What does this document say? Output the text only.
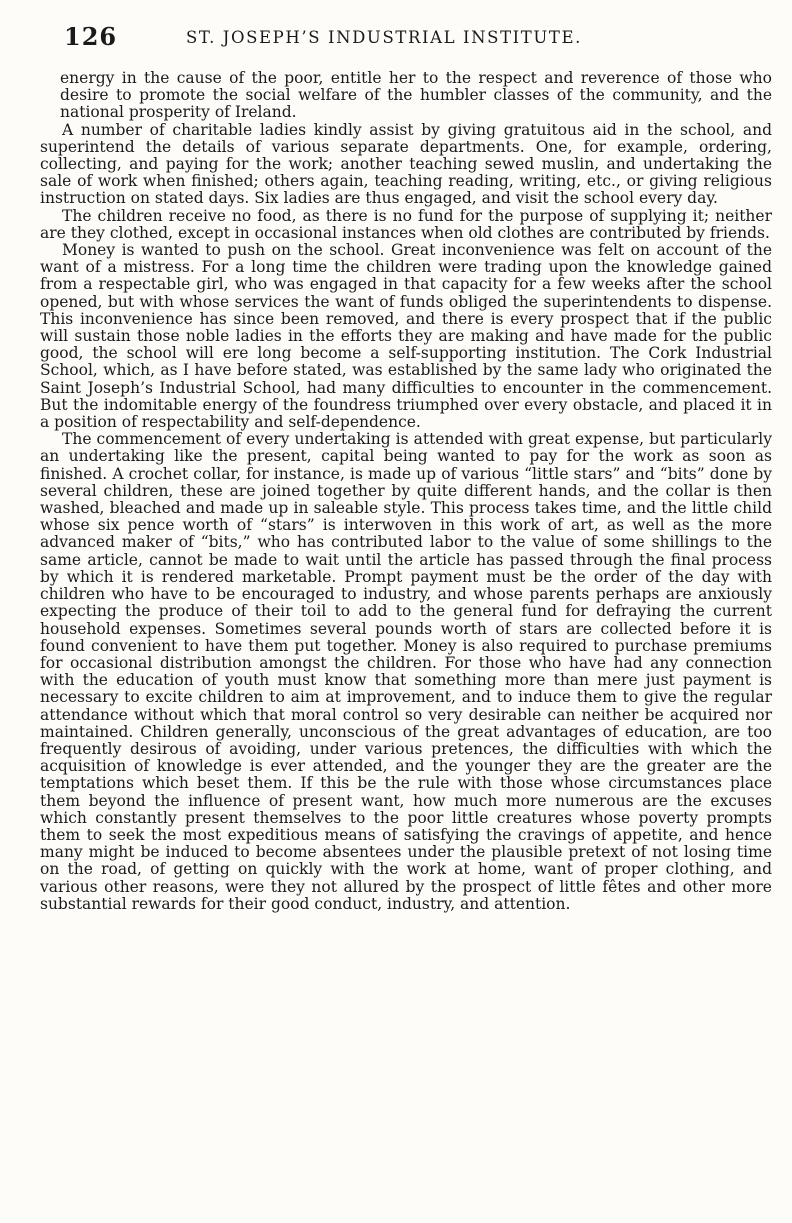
126	ST. JOSEPH’S INDUSTRIAL INSTITUTE.

energy in the cause of the poor, entitle her to the respect and reverence of those who desire to promote the social welfare of the humbler classes of the community, and the national prosperity of Ireland.

A number of charitable ladies kindly assist by giving gratuitous aid in the school, and superintend the details of various separate departments. One, for example, ordering, collecting, and paying for the work; another teaching sewed muslin, and undertaking the sale of work when finished; others again, teaching reading, writing, etc., or giving religious instruction on stated days. Six ladies are thus engaged, and visit the school every day.

The children receive no food, as there is no fund for the purpose of supplying it; neither are they clothed, except in occasional instances when old clothes are contributed by friends.

Money is wanted to push on the school. Great inconvenience was felt on account of the want of a mistress. For a long time the children were trading upon the knowledge gained from a respectable girl, who was engaged in that capacity for a few weeks after the school opened, but with whose services the want of funds obliged the superintendents to dispense. This inconvenience has since been removed, and there is every prospect that if the public will sustain those noble ladies in the efforts they are making and have made for the public good, the school will ere long become a self-supporting institution. The Cork Industrial School, which, as I have before stated, was established by the same lady who originated the Saint Joseph’s Industrial School, had many difficulties to encounter in the commencement. But the indomitable energy of the foundress triumphed over every obstacle, and placed it in a position of respectability and self-dependence.

The commencement of every undertaking is attended with great expense, but particularly an undertaking like the present, capital being wanted to pay for the work as soon as finished. A crochet collar, for instance, is made up of various “little stars” and “bits” done by several children, these are joined together by quite different hands, and the collar is then washed, bleached and made up in saleable style. This process takes time, and the little child whose six pence worth of “stars” is interwoven in this work of art, as well as the more advanced maker of “bits,” who has contributed labor to the value of some shillings to the same article, cannot be made to wait until the article has passed through the final process by which it is rendered marketable. Prompt payment must be the order of the day with children who have to be encouraged to industry, and whose parents perhaps are anxiously expecting the produce of their toil to add to the general fund for defraying the current household expenses. Sometimes several pounds worth of stars are collected before it is found convenient to have them put together. Money is also required to purchase premiums for occasional distribution amongst the children. For those who have had any connection with the education of youth must know that something more than mere just payment is necessary to excite children to aim at improvement, and to induce them to give the regular attendance without which that moral control so very desirable can neither be acquired nor maintained. Children generally, unconscious of the great advantages of education, are too frequently desirous of avoiding, under various pretences, the difficulties with which the acquisition of knowledge is ever attended, and the younger they are the greater are the temptations which beset them. If this be the rule with those whose circumstances place them beyond the influence of present want, how much more numerous are the excuses which constantly present themselves to the poor little creatures whose poverty prompts them to seek the most expeditious means of satisfying the cravings of appetite, and hence many might be induced to become absentees under the plausible pretext of not losing time on the road, of getting on quickly with the work at home, want of proper clothing, and various other reasons, were they not allured by the prospect of little fêtes and other more substantial rewards for their good conduct, industry, and attention.
